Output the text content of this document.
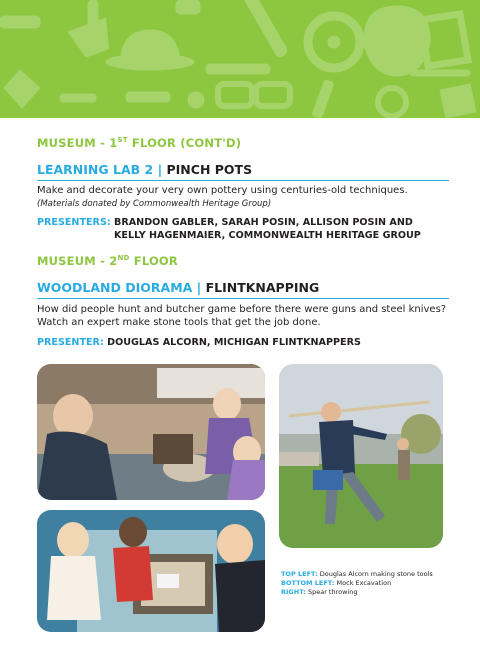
MUSEUM - 1ST FLOOR (CONT'D)
LEARNING LAB 2 | PINCH POTS
Make and decorate your very own pottery using centuries-old techniques.
(Materials donated by Commonwealth Heritage Group)
PRESENTERS: BRANDON GABLER, SARAH POSIN, ALLISON POSIN AND
KELLY HAGENMAIER, COMMONWEALTH HERITAGE GROUP
MUSEUM - 2ND FLOOR
WOODLAND DIORAMA | FLINTKNAPPING
How did people hunt and butcher game before there were guns and steel knives?
Watch an expert make stone tools that get the job done.
PRESENTER: DOUGLAS ALCORN, MICHIGAN FLINTKNAPPERS
TOP LEFT: Douglas Alcorn making stone tools BOTTOM LEFT: Mock Excavation
RIGHT: Spear throwing
